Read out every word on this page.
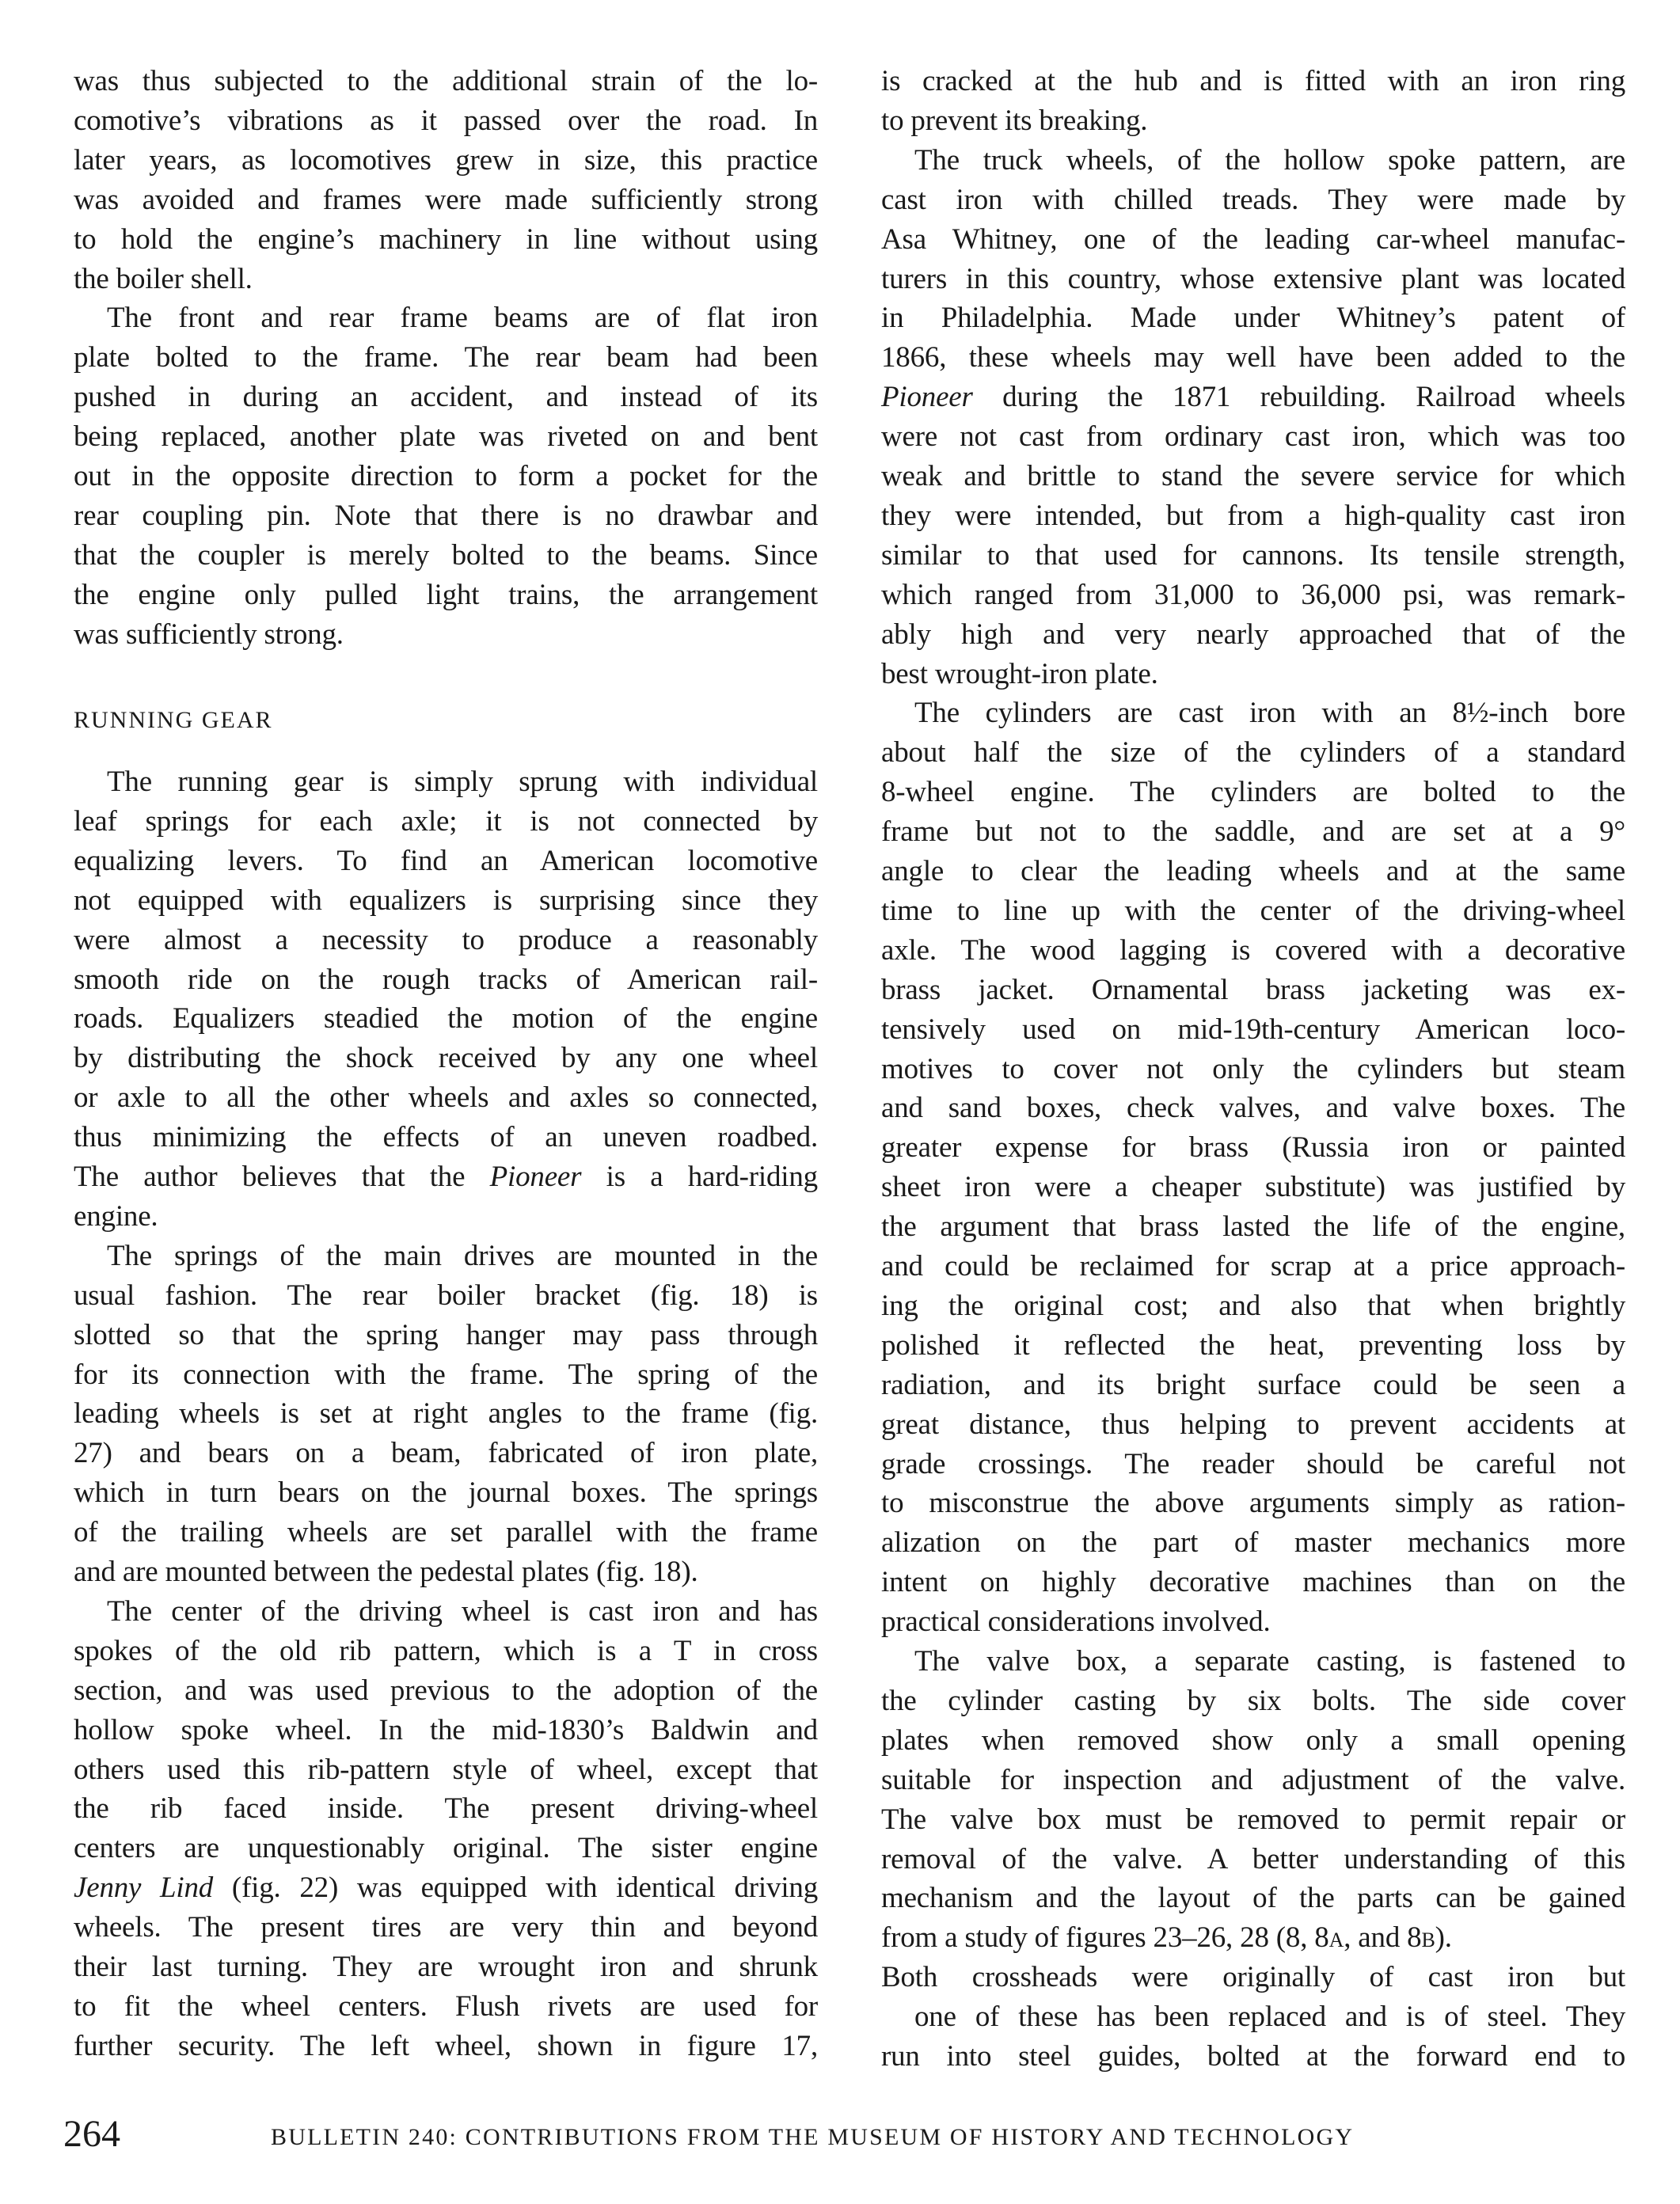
was thus subjected to the additional strain of the lo-
comotive’s vibrations as it passed over the road. In
later years, as locomotives grew in size, this practice
was avoided and frames were made sufficiently strong
to hold the engine’s machinery in line without using
the boiler shell.
The front and rear frame beams are of flat iron
plate bolted to the frame. The rear beam had been
pushed in during an accident, and instead of its
being replaced, another plate was riveted on and bent
out in the opposite direction to form a pocket for the
rear coupling pin. Note that there is no drawbar and
that the coupler is merely bolted to the beams. Since
the engine only pulled light trains, the arrangement
was sufficiently strong.
RUNNING GEAR
The running gear is simply sprung with individual
leaf springs for each axle; it is not connected by
equalizing levers. To find an American locomotive
not equipped with equalizers is surprising since they
were almost a necessity to produce a reasonably
smooth ride on the rough tracks of American rail-
roads. Equalizers steadied the motion of the engine
by distributing the shock received by any one wheel
or axle to all the other wheels and axles so connected,
thus minimizing the effects of an uneven roadbed.
The author believes that the Pioneer is a hard-riding
engine.
The springs of the main drives are mounted in the
usual fashion. The rear boiler bracket (fig. 18) is
slotted so that the spring hanger may pass through
for its connection with the frame. The spring of the
leading wheels is set at right angles to the frame (fig.
27) and bears on a beam, fabricated of iron plate,
which in turn bears on the journal boxes. The springs
of the trailing wheels are set parallel with the frame
and are mounted between the pedestal plates (fig. 18).
The center of the driving wheel is cast iron and has
spokes of the old rib pattern, which is a T in cross
section, and was used previous to the adoption of the
hollow spoke wheel. In the mid-1830’s Baldwin and
others used this rib-pattern style of wheel, except that
the rib faced inside. The present driving-wheel
centers are unquestionably original. The sister engine
Jenny Lind (fig. 22) was equipped with identical driving
wheels. The present tires are very thin and beyond
their last turning. They are wrought iron and shrunk
to fit the wheel centers. Flush rivets are used for
further security. The left wheel, shown in figure 17,
is cracked at the hub and is fitted with an iron ring
to prevent its breaking.
The truck wheels, of the hollow spoke pattern, are
cast iron with chilled treads. They were made by
Asa Whitney, one of the leading car-wheel manufac-
turers in this country, whose extensive plant was located
in Philadelphia. Made under Whitney’s patent of
1866, these wheels may well have been added to the
Pioneer during the 1871 rebuilding. Railroad wheels
were not cast from ordinary cast iron, which was too
weak and brittle to stand the severe service for which
they were intended, but from a high-quality cast iron
similar to that used for cannons. Its tensile strength,
which ranged from 31,000 to 36,000 psi, was remark-
ably high and very nearly approached that of the
best wrought-iron plate.
The cylinders are cast iron with an 8½-inch bore
about half the size of the cylinders of a standard
8-wheel engine. The cylinders are bolted to the
frame but not to the saddle, and are set at a 9°
angle to clear the leading wheels and at the same
time to line up with the center of the driving-wheel
axle. The wood lagging is covered with a decorative
brass jacket. Ornamental brass jacketing was ex-
tensively used on mid-19th-century American loco-
motives to cover not only the cylinders but steam
and sand boxes, check valves, and valve boxes. The
greater expense for brass (Russia iron or painted
sheet iron were a cheaper substitute) was justified by
the argument that brass lasted the life of the engine,
and could be reclaimed for scrap at a price approach-
ing the original cost; and also that when brightly
polished it reflected the heat, preventing loss by
radiation, and its bright surface could be seen a
great distance, thus helping to prevent accidents at
grade crossings. The reader should be careful not
to misconstrue the above arguments simply as ration-
alization on the part of master mechanics more
intent on highly decorative machines than on the
practical considerations involved.
The valve box, a separate casting, is fastened to
the cylinder casting by six bolts. The side cover
plates when removed show only a small opening
suitable for inspection and adjustment of the valve.
The valve box must be removed to permit repair or
removal of the valve. A better understanding of this
mechanism and the layout of the parts can be gained
from a study of figures 23–26, 28 (8, 8a, and 8b).
Both crossheads were originally of cast iron but
one of these has been replaced and is of steel. They
run into steel guides, bolted at the forward end to
264	BULLETIN 240: CONTRIBUTIONS FROM THE MUSEUM OF HISTORY AND TECHNOLOGY
